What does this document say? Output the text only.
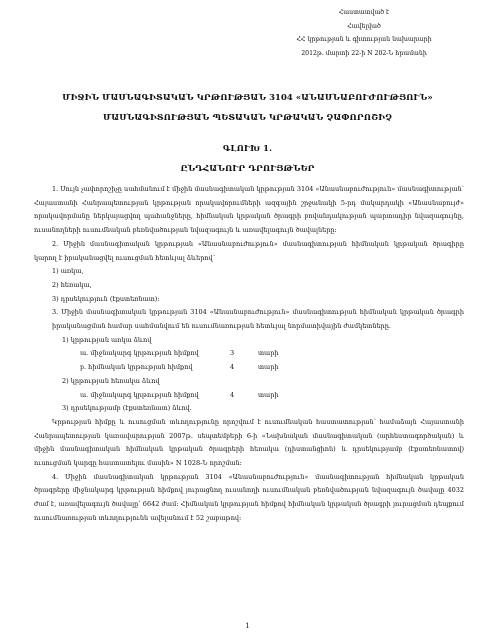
Հաստատված է
Հավելված
ՀՀ կրթության և գիտության նախարարի
2012թ. մարտի 22-ի N 202-Ն հրամանի
ՄԻՋԻՆ ՄԱՍՆԱԳԻՏԱԿԱՆ ԿՐԹՈՒԹՅԱՆ 3104 «ԱՆԱՍՆԱԲՈՒԺՈՒԹՅՈՒՆ»
ՄԱՍՆԱԳԻՏՈՒԹՅԱՆ ՊԵՏԱԿԱՆ ԿՐԹԱԿԱՆ ՉԱՓՈՐՈՇԻՉ
ԳԼՈՒԽ 1.
ԸՆԴՀԱՆՈՒՐ ԴՐՈՒՅԹՆԵՐ

1. Սույն չափորոշիչը սահմանում է միջին մասնագիտական կրթության 3104 «Անասնաբուժություն» մասնագիտության՝ Հայաստանի Հանրապետության կրթության որակավորումների ազգային շրջանակի 5-րդ մակարդակի «Անասնաբույժ» որակավորմանը ներկայացվող պահանջները, հիմնական կրթական ծրագրի բովանդակության պարտադիր նվազագույնը, ուսանողների ուսումնական բեռնվածության նվազագույն և առավելագույն ծավալները:

2. Միջին մասնագիտական կրթության «Անասնաբուժություն» մասնագիտության հիմնական կրթական ծրագիրը կարող է իրականացվել ուսուցման հետևյալ ձևերով՝

1) առկա,

2) հեռակա,

3) դրսեկություն (էքստեռնատ):

3. Միջին մասնագիտական կրթության 3104 «Անասնաբուժություն» մասնագիտության հիմնական կրթական ծրագրի իրականացման համար սահմանվում են ուսումնառության հետևյալ նորմատիվային ժամկետները.

1) կրթության առկա ձևով

ա. միջնակարգ կրթության հիմքով	3	տարի
բ. հիմնական կրթության հիմքով	4	տարի

2) կրթության հեռակա ձևով

ա. միջնակարգ կրթության հիմքով	4	տարի

3) դրսեկությամբ (էքստեռնատ) ձևով.

Կրթության հիմքը և ուսուցման տևողությունը որոշվում է ուսումնական հաստատության՝ համաձայն Հայաստանի Հանրապետության կառավարության 2007թ. սեպտեմբերի 6-ի «Նախնական մասնագիտական (արհեստագործական) և միջին մասնագիտական հիմնական կրթական ծրագրերի հեռակա (դիստանցիոն) և դրսեկությամբ (էքստեռնատով) ուսուցման կարգը հաստատելու մասին» N 1028-Ն որոշման:

4. Միջին մասնագիտական կրթության 3104 «Անասնաբուժություն» մասնագիտության հիմնական կրթական ծրագրերը միջնակարգ կրթության հիմքով յուրացնող ուսանողի ուսումնական բեռնվածության նվազագույն ծավալը 4032 ժամ է, առավելագույն ծավալը՝ 6642 ժամ: Հիմնական կրթության հիմքով հիմնական կրթական ծրագրի յուրացման դեպքում ուսումնառության տևողությունն ավելանում է 52 շաբաթով:

1
